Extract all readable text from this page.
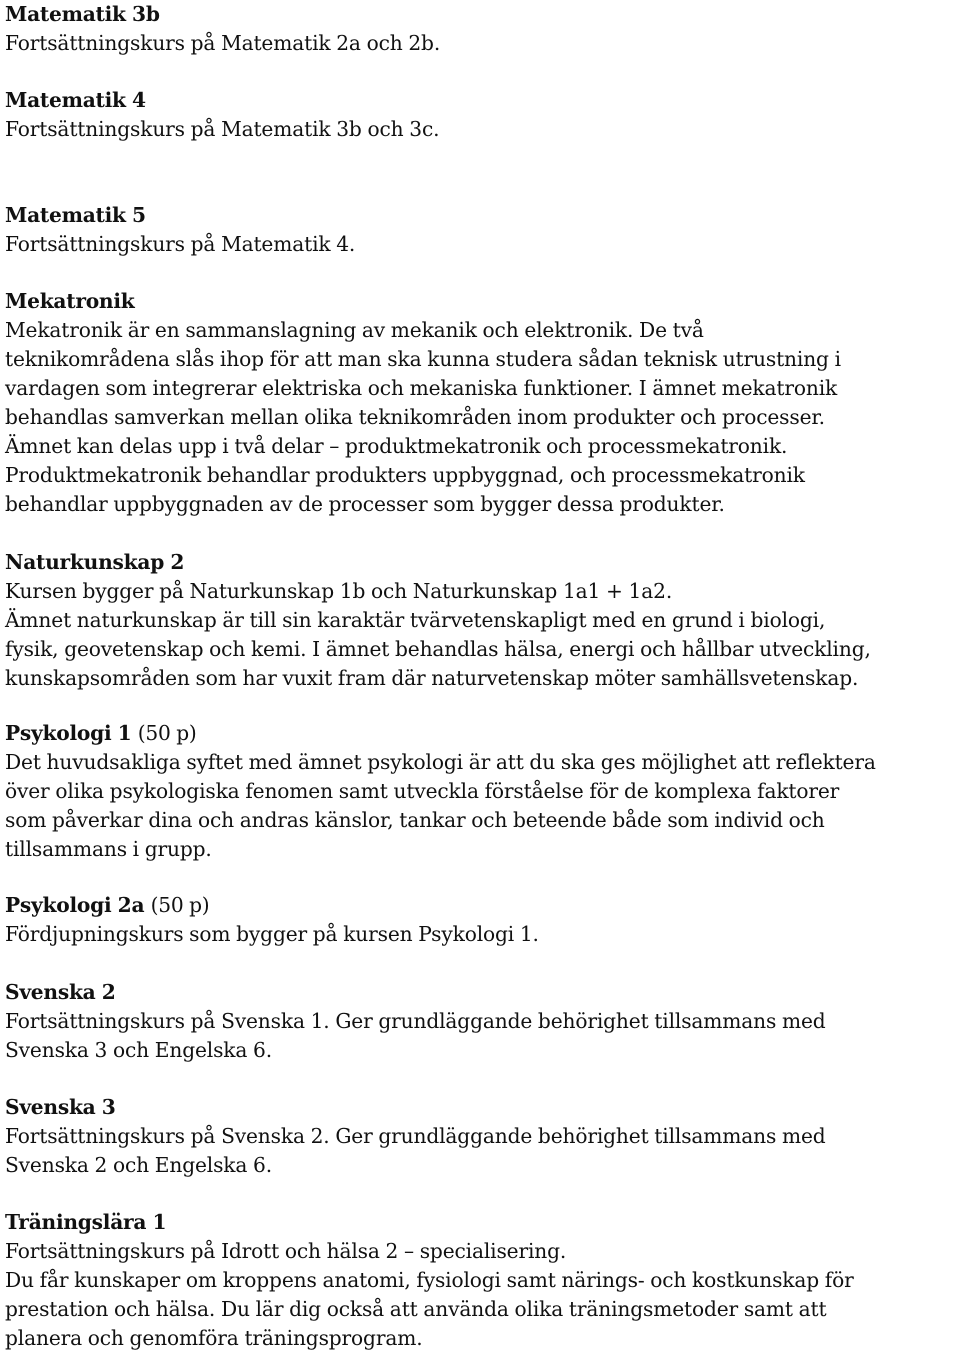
Matematik 3b
Fortsättningskurs på Matematik 2a och 2b.
Matematik 4
Fortsättningskurs på Matematik 3b och 3c.
Matematik 5
Fortsättningskurs på Matematik 4.
Mekatronik
Mekatronik är en sammanslagning av mekanik och elektronik. De två
teknikområdena slås ihop för att man ska kunna studera sådan teknisk utrustning i
vardagen som integrerar elektriska och mekaniska funktioner. I ämnet mekatronik
behandlas samverkan mellan olika teknikområden inom produkter och processer.
Ämnet kan delas upp i två delar – produktmekatronik och processmekatronik.
Produktmekatronik behandlar produkters uppbyggnad, och processmekatronik
behandlar uppbyggnaden av de processer som bygger dessa produkter.
Naturkunskap 2
Kursen bygger på Naturkunskap 1b och Naturkunskap 1a1 + 1a2.
Ämnet naturkunskap är till sin karaktär tvärvetenskapligt med en grund i biologi,
fysik, geovetenskap och kemi. I ämnet behandlas hälsa, energi och hållbar utveckling,
kunskapsområden som har vuxit fram där naturvetenskap möter samhällsvetenskap.
Psykologi 1 (50 p)
Det huvudsakliga syftet med ämnet psykologi är att du ska ges möjlighet att reflektera
över olika psykologiska fenomen samt utveckla förståelse för de komplexa faktorer
som påverkar dina och andras känslor, tankar och beteende både som individ och
tillsammans i grupp.
Psykologi 2a (50 p)
Fördjupningskurs som bygger på kursen Psykologi 1.
Svenska 2
Fortsättningskurs på Svenska 1. Ger grundläggande behörighet tillsammans med
Svenska 3 och Engelska 6.
Svenska 3
Fortsättningskurs på Svenska 2. Ger grundläggande behörighet tillsammans med
Svenska 2 och Engelska 6.
Träningslära 1
Fortsättningskurs på Idrott och hälsa 2 – specialisering.
Du får kunskaper om kroppens anatomi, fysiologi samt närings- och kostkunskap för
prestation och hälsa. Du lär dig också att använda olika träningsmetoder samt att
planera och genomföra träningsprogram.
